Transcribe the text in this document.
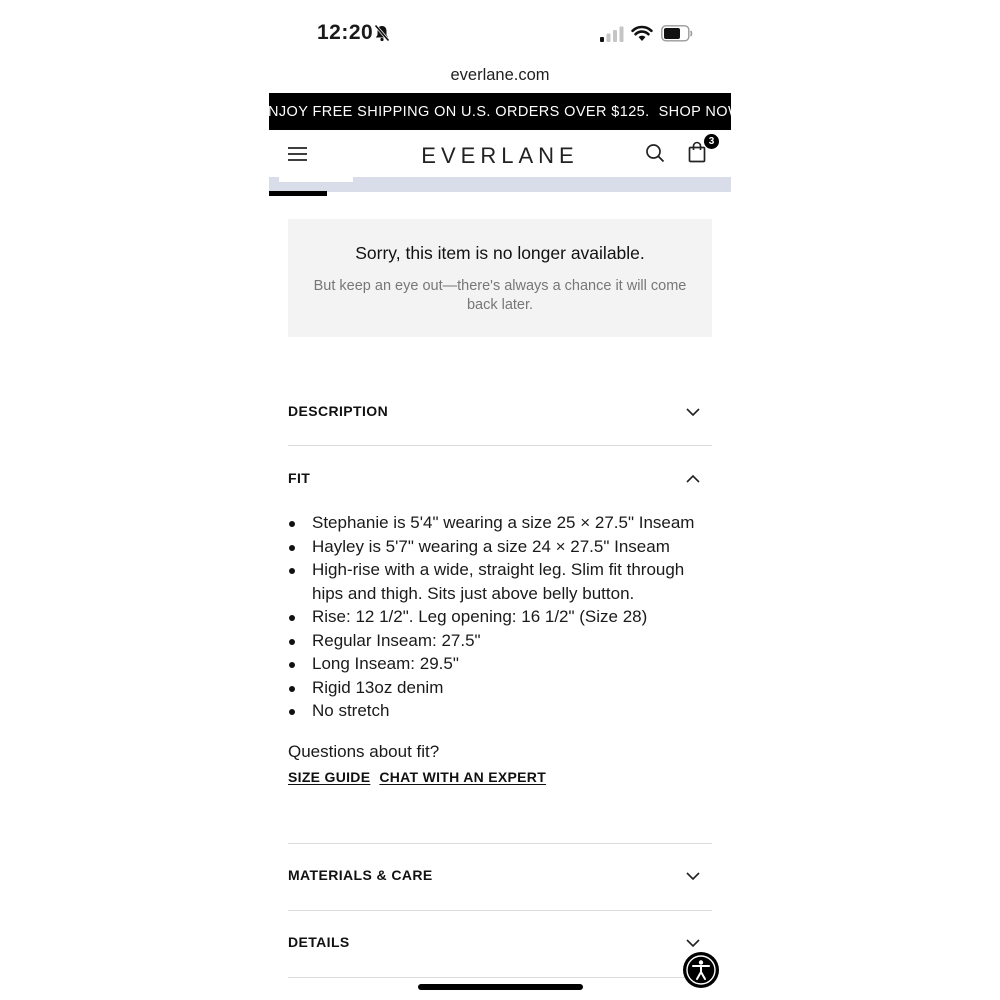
12:20
everlane.com
ENJOY FREE SHIPPING ON U.S. ORDERS OVER $125. SHOP NOW
EVERLANE
3
Sorry, this item is no longer available.
But keep an eye out—there's always a chance it will come back later.
DESCRIPTION
FIT
Stephanie is 5'4" wearing a size 25 × 27.5" Inseam
Hayley is 5'7" wearing a size 24 × 27.5" Inseam
High-rise with a wide, straight leg. Slim fit through hips and thigh. Sits just above belly button.
Rise: 12 1/2". Leg opening: 16 1/2" (Size 28)
Regular Inseam: 27.5"
Long Inseam: 29.5"
Rigid 13oz denim
No stretch
Questions about fit?
SIZE GUIDE CHAT WITH AN EXPERT
MATERIALS & CARE
DETAILS
